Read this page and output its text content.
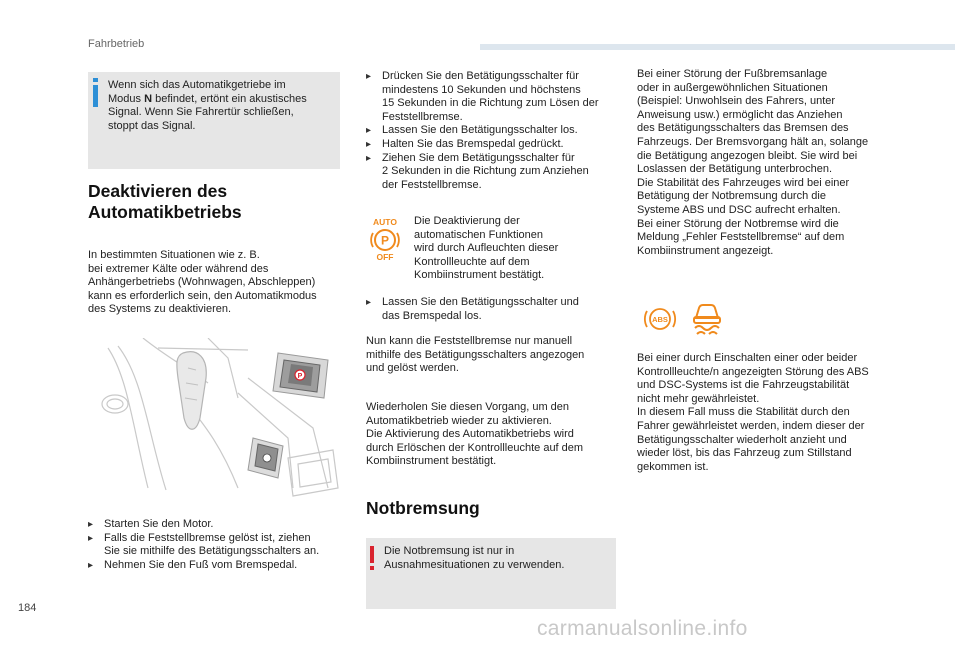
Fahrbetrieb

Wenn sich das Automatikgetriebe im

Modus N befindet, ertönt ein akustisches

Signal. Wenn Sie Fahrertür schließen,

stoppt das Signal.

Deaktivieren des
Automatikbetriebs

In bestimmten Situationen wie z. B.

bei extremer Kälte oder während des

Anhängerbetriebs (Wohnwagen, Abschleppen)

kann es erforderlich sein, den Automatikmodus

des Systems zu deaktivieren.

P
▸ Starten Sie den Motor.
▸ Falls die Feststellbremse gelöst ist, ziehen
Sie sie mithilfe des Betätigungsschalters an.
▸ Nehmen Sie den Fuß vom Bremspedal.
▸ Drücken Sie den Betätigungsschalter für
mindestens 10 Sekunden und höchstens
15 Sekunden in die Richtung zum Lösen der
Feststellbremse.
▸ Lassen Sie den Betätigungsschalter los.
▸ Halten Sie das Bremspedal gedrückt.
▸ Ziehen Sie dem Betätigungsschalter für
2 Sekunden in die Richtung zum Anziehen
der Feststellbremse.
AUTO
P
OFF

Die Deaktivierung der

automatischen Funktionen

wird durch Aufleuchten dieser

Kontrollleuchte auf dem

Kombiinstrument bestätigt.

▸ Lassen Sie den Betätigungsschalter und
das Bremspedal los.

Nun kann die Feststellbremse nur manuell

mithilfe des Betätigungsschalters angezogen

und gelöst werden.

Wiederholen Sie diesen Vorgang, um den

Automatikbetrieb wieder zu aktivieren.

Die Aktivierung des Automatikbetriebs wird

durch Erlöschen der Kontrollleuchte auf dem

Kombiinstrument bestätigt.

Notbremsung

Die Notbremsung ist nur in

Ausnahmesituationen zu verwenden.

Bei einer Störung der Fußbremsanlage

oder in außergewöhnlichen Situationen

(Beispiel: Unwohlsein des Fahrers, unter

Anweisung usw.) ermöglicht das Anziehen

des Betätigungsschalters das Bremsen des

Fahrzeugs. Der Bremsvorgang hält an, solange

die Betätigung angezogen bleibt. Sie wird bei

Loslassen der Betätigung unterbrochen.

Die Stabilität des Fahrzeuges wird bei einer

Betätigung der Notbremsung durch die

Systeme ABS und DSC aufrecht erhalten.

Bei einer Störung der Notbremse wird die

Meldung „Fehler Feststellbremse“ auf dem

Kombiinstrument angezeigt.

ABS

Bei einer durch Einschalten einer oder beider

Kontrollleuchte/n angezeigten Störung des ABS

und DSC-Systems ist die Fahrzeugstabilität

nicht mehr gewährleistet.

In diesem Fall muss die Stabilität durch den

Fahrer gewährleistet werden, indem dieser der

Betätigungsschalter wiederholt anzieht und

wieder löst, bis das Fahrzeug zum Stillstand

gekommen ist.

184
carmanualsonline.info
